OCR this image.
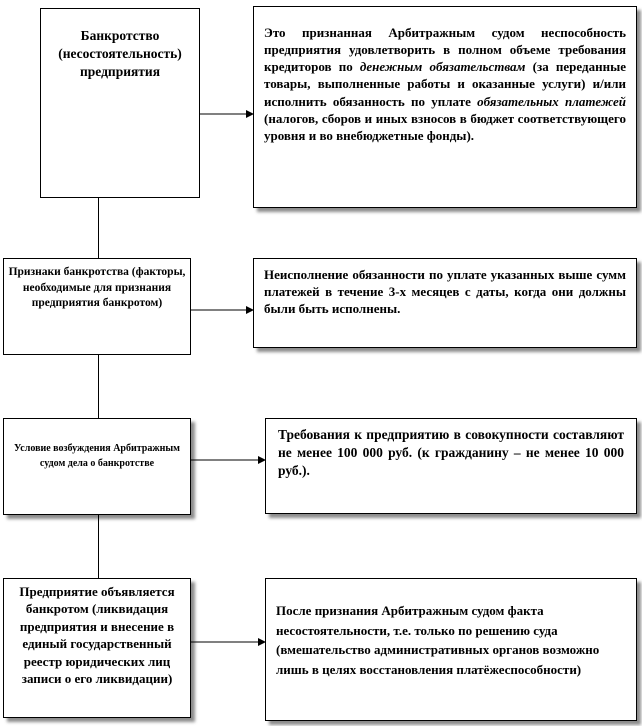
Банкротство (несостоятельность) предприятия
Это признанная Арбитражным судом неспособность предприятия удовлетворить в полном объеме требования кредиторов по денежным обязательствам (за переданные товары, выполненные работы и оказанные услуги) и/или исполнить обязанность по уплате обязательных платежей (налогов, сборов и иных взносов в бюджет соответствующего уровня и во внебюджетные фонды).
Признаки банкротства (факторы, необходимые для признания предприятия банкротом)
Неисполнение обязанности по уплате указанных выше сумм платежей в течение 3-х месяцев с даты, когда они должны были быть исполнены.
Условие возбуждения Арбитражным судом дела о банкротстве
Требования к предприятию в совокупности составляют не менее 100 000 руб. (к гражданину – не менее 10 000 руб.).
Предприятие объявляется банкротом (ликвидация предприятия и внесение в единый государственный реестр юридических лиц записи о его ликвидации)
После признания Арбитражным судом факта несостоятельности, т.е. только по решению суда (вмешательство административных органов возможно лишь в целях восстановления платёжеспособности)
